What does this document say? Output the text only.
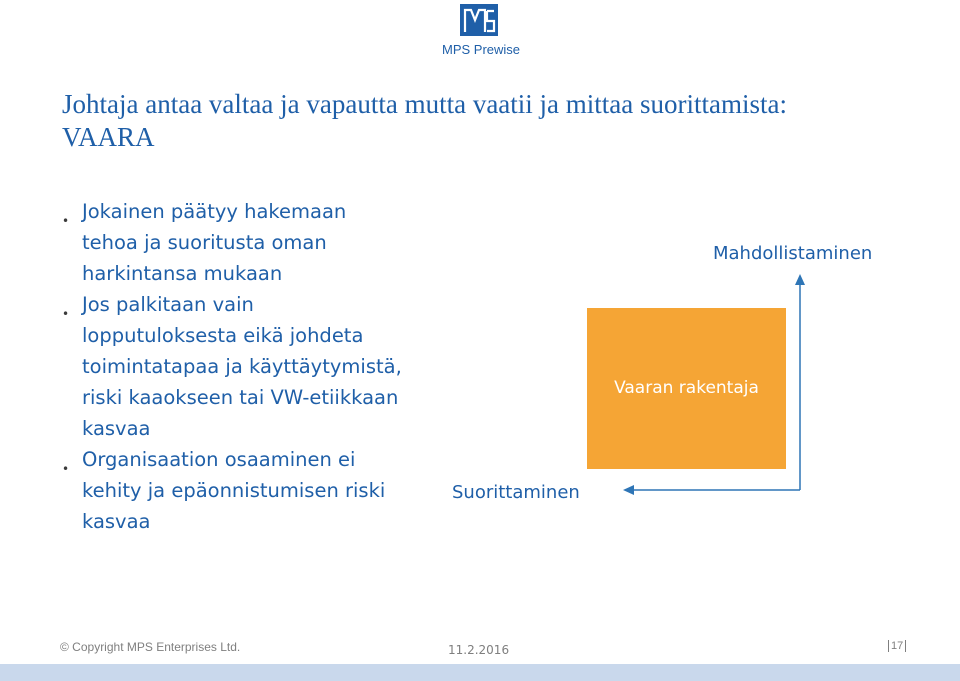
MPS Prewise
Johtaja antaa valtaa ja vapautta mutta vaatii ja mittaa suorittamista: VAARA
• Jokainen päätyy hakemaan tehoa ja suoritusta oman harkintansa mukaan
• Jos palkitaan vain lopputuloksesta eikä johdeta toimintatapaa ja käyttäytymistä, riski kaaokseen tai VW-etiikkaan kasvaa
• Organisaation osaaminen ei kehity ja epäonnistumisen riski kasvaa
Mahdollistaminen
Suorittaminen
Vaaran rakentaja
© Copyright MPS Enterprises Ltd.	11.2.2016	17
